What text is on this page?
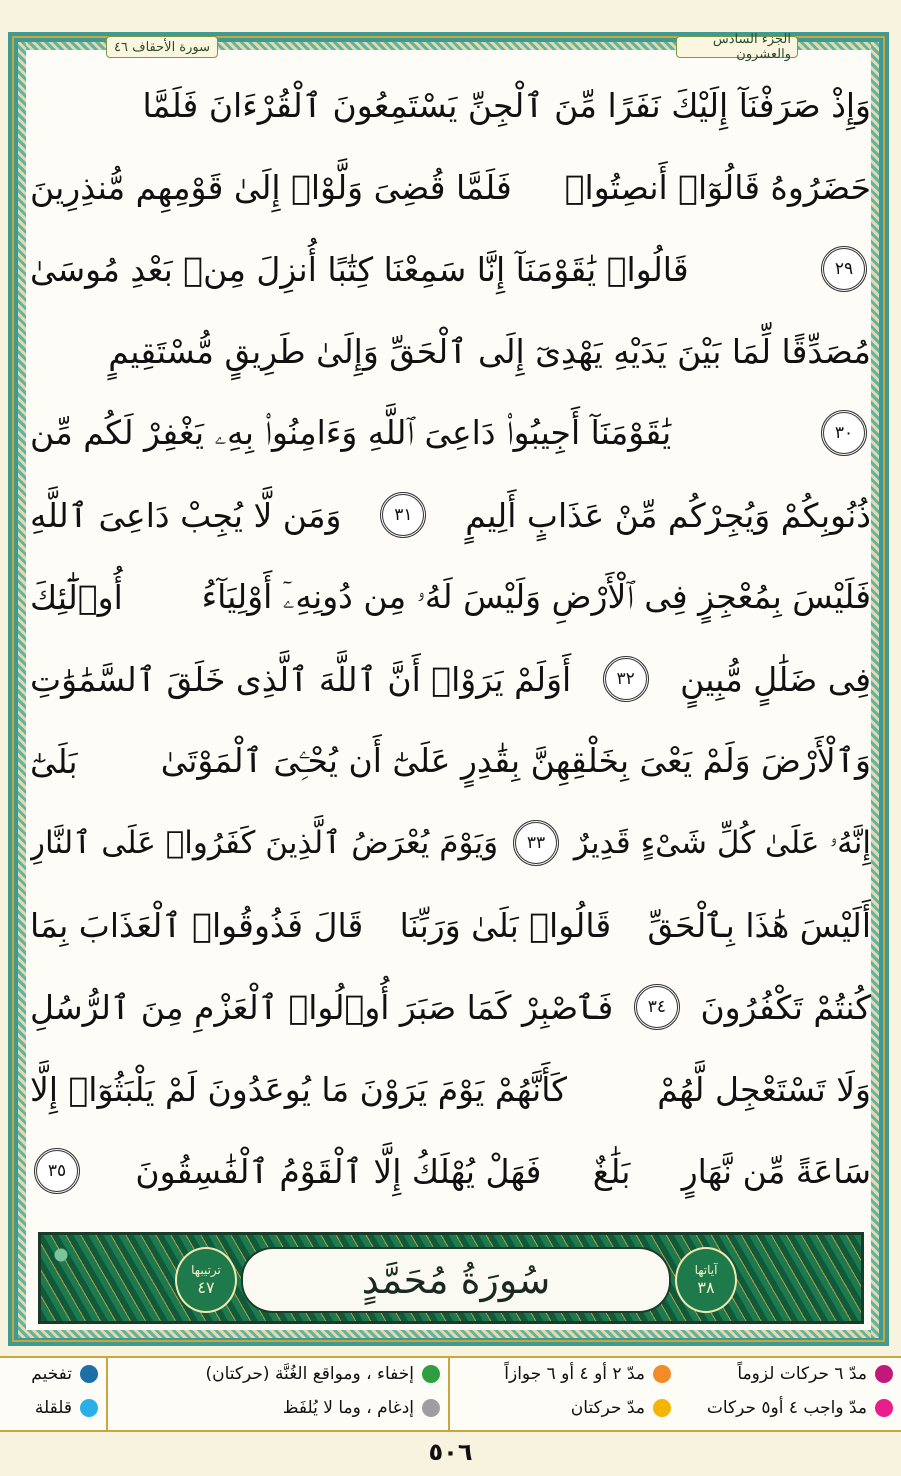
سورة الأحقاف ٤٦	الجزء السادس والعشرون
وَإِذْ صَرَفْنَآ إِلَيْكَ نَفَرًا مِّنَ ٱلْجِنِّ يَسْتَمِعُونَ ٱلْقُرْءَانَ فَلَمَّا
حَضَرُوهُ قَالُوٓا۟ أَنصِتُوا۟
فَلَمَّا قُضِىَ وَلَّوْا۟ إِلَىٰ قَوْمِهِم مُّنذِرِينَ
٢٩
قَالُوا۟ يَٰقَوْمَنَآ إِنَّا سَمِعْنَا كِتَٰبًا أُنزِلَ مِنۢ بَعْدِ مُوسَىٰ
مُصَدِّقًا لِّمَا بَيْنَ يَدَيْهِ يَهْدِىٓ إِلَى ٱلْحَقِّ وَإِلَىٰ طَرِيقٍ مُّسْتَقِيمٍ
٣٠
يَٰقَوْمَنَآ أَجِيبُوا۟ دَاعِىَ ٱللَّهِ وَءَامِنُوا۟ بِهِۦ يَغْفِرْ لَكُم مِّن
ذُنُوبِكُمْ وَيُجِرْكُم مِّنْ عَذَابٍ أَلِيمٍ
٣١
وَمَن لَّا يُجِبْ دَاعِىَ ٱللَّهِ
فَلَيْسَ بِمُعْجِزٍ فِى ٱلْأَرْضِ وَلَيْسَ لَهُۥ مِن دُونِهِۦٓ أَوْلِيَآءُ
أُو۟لَٰٓئِكَ
فِى ضَلَٰلٍ مُّبِينٍ
٣٢
أَوَلَمْ يَرَوْا۟ أَنَّ ٱللَّهَ ٱلَّذِى خَلَقَ ٱلسَّمَٰوَٰتِ
وَٱلْأَرْضَ وَلَمْ يَعْىَ بِخَلْقِهِنَّ بِقَٰدِرٍ عَلَىٰٓ أَن يُحْـِۧىَ ٱلْمَوْتَىٰ
بَلَىٰٓ
إِنَّهُۥ عَلَىٰ كُلِّ شَىْءٍ قَدِيرٌ
٣٣
وَيَوْمَ يُعْرَضُ ٱلَّذِينَ كَفَرُوا۟ عَلَى ٱلنَّارِ
أَلَيْسَ هَٰذَا بِٱلْحَقِّ
قَالُوا۟ بَلَىٰ وَرَبِّنَا
قَالَ فَذُوقُوا۟ ٱلْعَذَابَ بِمَا
كُنتُمْ تَكْفُرُونَ
٣٤
فَٱصْبِرْ كَمَا صَبَرَ أُو۟لُوا۟ ٱلْعَزْمِ مِنَ ٱلرُّسُلِ
وَلَا تَسْتَعْجِل لَّهُمْ
كَأَنَّهُمْ يَوْمَ يَرَوْنَ مَا يُوعَدُونَ لَمْ يَلْبَثُوٓا۟ إِلَّا
سَاعَةً مِّن نَّهَارٍ
بَلَٰغٌ
فَهَلْ يُهْلَكُ إِلَّا ٱلْقَوْمُ ٱلْفَٰسِقُونَ
٣٥
ترتيبها
٤٧	سُورَةُ مُحَمَّدٍ	آياتها
٣٨
مدّ ٦ حركات لزوماً
مدّ ٢ أو ٤ أو ٦ جوازاً
مدّ واجب ٤ أو٥ حركات
مدّ حركتان
إخفاء ، ومواقع الغُنَّة (حركتان)
إدغام ، وما لا يُلفَظ
تفخيم
قلقلة
٥٠٦
